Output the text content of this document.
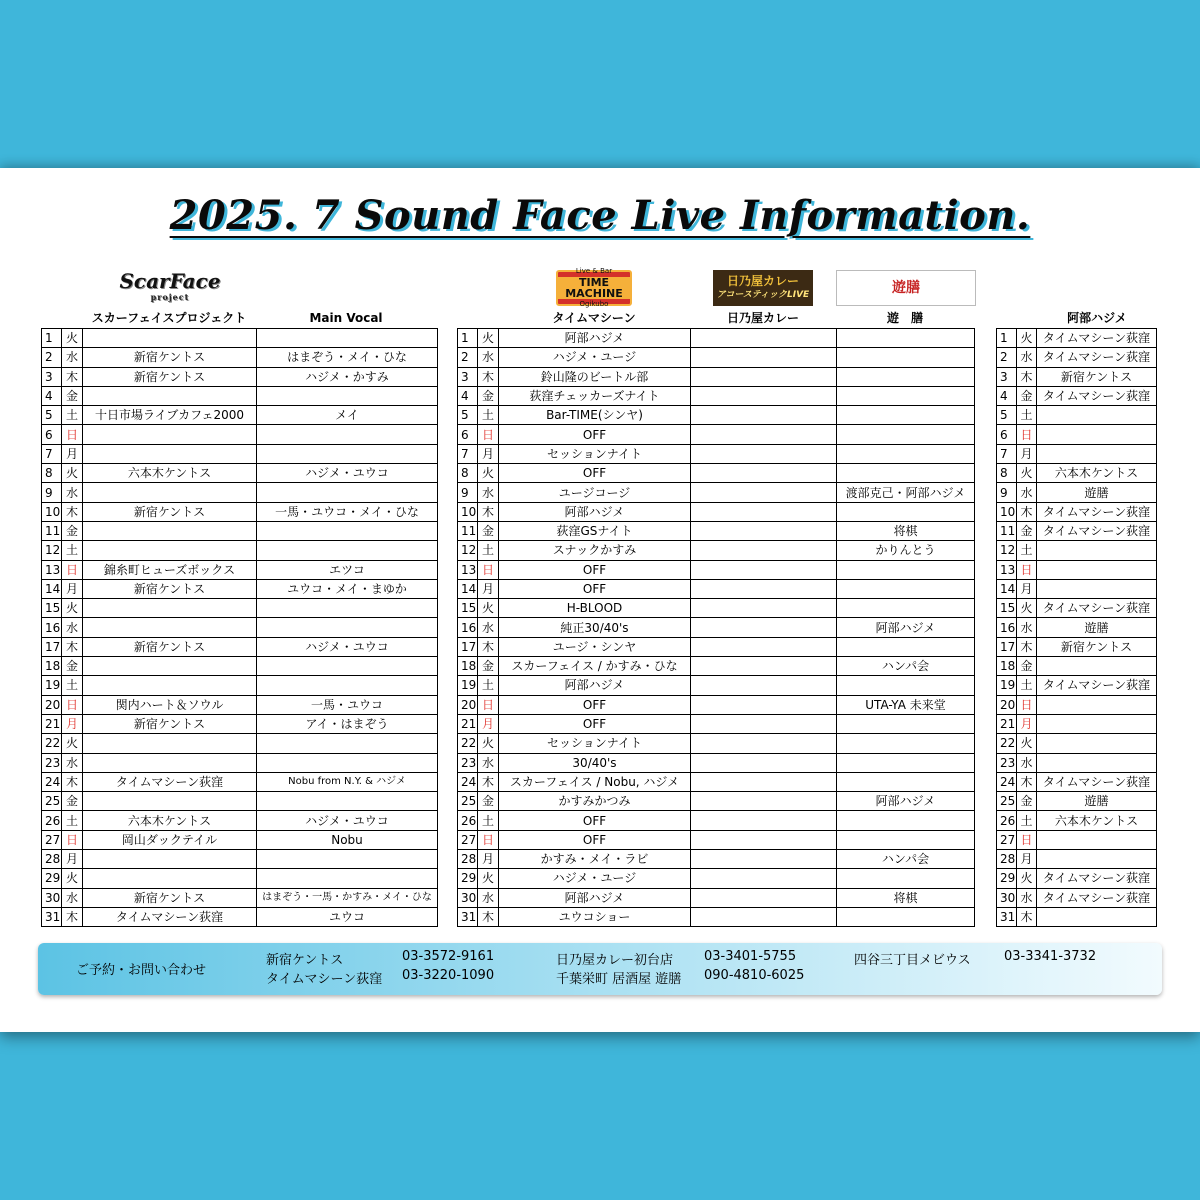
2025. 7 Sound Face Live Information.
ScarFace
project
Live & Bar
TIME MACHINE
Ogikubo
日乃屋カレー
アコースティックLIVE	遊膳
スカーフェイスプロジェクト	Main Vocal	タイムマシーン	日乃屋カレー	遊　膳	阿部ハジメ
1	火		
2	水	新宿ケントス	はまぞう・メイ・ひな
3	木	新宿ケントス	ハジメ・かすみ
4	金		
5	土	十日市場ライブカフェ2000	メイ
6	日		
7	月		
8	火	六本木ケントス	ハジメ・ユウコ
9	水		
10	木	新宿ケントス	一馬・ユウコ・メイ・ひな
11	金		
12	土		
13	日	錦糸町ヒューズボックス	エツコ
14	月	新宿ケントス	ユウコ・メイ・まゆか
15	火		
16	水		
17	木	新宿ケントス	ハジメ・ユウコ
18	金		
19	土		
20	日	関内ハート＆ソウル	一馬・ユウコ
21	月	新宿ケントス	アイ・はまぞう
22	火		
23	水		
24	木	タイムマシーン荻窪	Nobu from N.Y. & ハジメ
25	金		
26	土	六本木ケントス	ハジメ・ユウコ
27	日	岡山ダックテイル	Nobu
28	月		
29	火		
30	水	新宿ケントス	はまぞう・一馬・かすみ・メイ・ひな
31	木	タイムマシーン荻窪	ユウコ
1	火	阿部ハジメ		
2	水	ハジメ・ユージ		
3	木	鈴山隆のビートル部		
4	金	荻窪チェッカーズナイト		
5	土	Bar-TIME(シンヤ)		
6	日	OFF		
7	月	セッションナイト		
8	火	OFF		
9	水	ユージコージ		渡部克己・阿部ハジメ
10	木	阿部ハジメ		
11	金	荻窪GSナイト		将棋
12	土	スナックかすみ		かりんとう
13	日	OFF		
14	月	OFF		
15	火	H-BLOOD		
16	水	純正30/40's		阿部ハジメ
17	木	ユージ・シンヤ		
18	金	スカーフェイス / かすみ・ひな		ハンパ会
19	土	阿部ハジメ		
20	日	OFF		UTA-YA 未来堂
21	月	OFF		
22	火	セッションナイト		
23	水	30/40's		
24	木	スカーフェイス / Nobu, ハジメ		
25	金	かすみかつみ		阿部ハジメ
26	土	OFF		
27	日	OFF		
28	月	かすみ・メイ・ラビ		ハンパ会
29	火	ハジメ・ユージ		
30	水	阿部ハジメ		将棋
31	木	ユウコショー		
1	火	タイムマシーン荻窪
2	水	タイムマシーン荻窪
3	木	新宿ケントス
4	金	タイムマシーン荻窪
5	土	
6	日	
7	月	
8	火	六本木ケントス
9	水	遊膳
10	木	タイムマシーン荻窪
11	金	タイムマシーン荻窪
12	土	
13	日	
14	月	
15	火	タイムマシーン荻窪
16	水	遊膳
17	木	新宿ケントス
18	金	
19	土	タイムマシーン荻窪
20	日	
21	月	
22	火	
23	水	
24	木	タイムマシーン荻窪
25	金	遊膳
26	土	六本木ケントス
27	日	
28	月	
29	火	タイムマシーン荻窪
30	水	タイムマシーン荻窪
31	木	
ご予約・お問い合わせ
新宿ケントス	03-3572-9161
タイムマシーン荻窪 03-3220-1090
日乃屋カレー初台店 03-3401-5755
千葉栄町 居酒屋 遊膳 090-4810-6025
四谷三丁目メビウス	03-3341-3732
